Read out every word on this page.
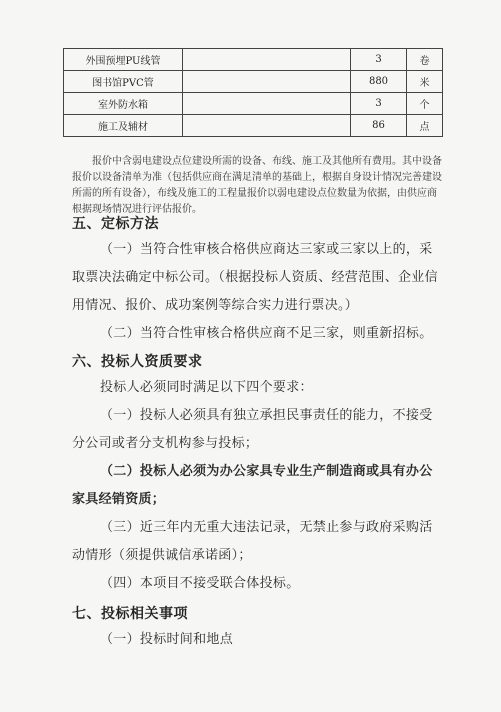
外围预埋PU线管		3	卷
图书馆PVC管		880	米
室外防水箱		3	个
施工及辅材		86	点
报价中含弱电建设点位建设所需的设备、布线、施工及其他所有费用。其中设备报价以设备清单为准（包括供应商在满足清单的基础上，根据自身设计情况完善建设所需的所有设备），布线及施工的工程量报价以弱电建设点位数量为依据，由供应商根据现场情况进行评估报价。
五、定标方法
（一）当符合性审核合格供应商达三家或三家以上的，采取票决法确定中标公司。（根据投标人资质、经营范围、企业信用情况、报价、成功案例等综合实力进行票决。）
（二）当符合性审核合格供应商不足三家，则重新招标。
六、投标人资质要求
投标人必须同时满足以下四个要求：
（一）投标人必须具有独立承担民事责任的能力，不接受分公司或者分支机构参与投标；
（二）投标人必须为办公家具专业生产制造商或具有办公家具经销资质；
（三）近三年内无重大违法记录，无禁止参与政府采购活动情形（须提供诚信承诺函）；
（四）本项目不接受联合体投标。
七、投标相关事项
（一）投标时间和地点
